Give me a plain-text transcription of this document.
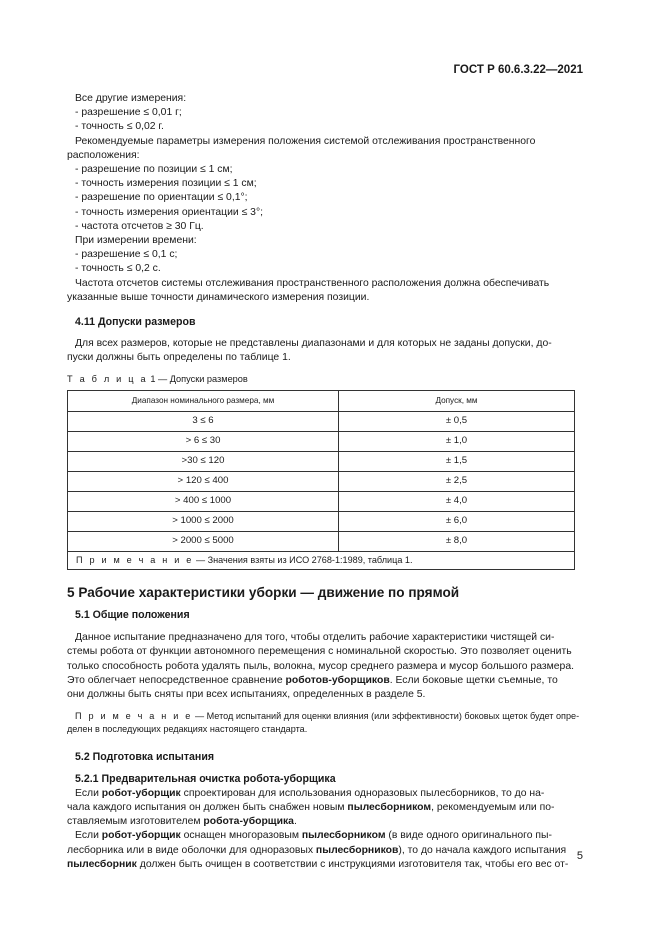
ГОСТ Р 60.6.3.22—2021

Все другие измерения:

- разрешение ≤ 0,01 г;

- точность ≤ 0,02 г.

Рекомендуемые параметры измерения положения системой отслеживания пространственного

расположения:

- разрешение по позиции ≤ 1 см;

- точность измерения позиции ≤ 1 см;

- разрешение по ориентации ≤ 0,1°;

- точность измерения ориентации ≤ 3°;

- частота отсчетов ≥ 30 Гц.

При измерении времени:

- разрешение ≤ 0,1 с;

- точность ≤ 0,2 с.

Частота отсчетов системы отслеживания пространственного расположения должна обеспечивать

указанные выше точности динамического измерения позиции.

4.11 Допуски размеров

Для всех размеров, которые не представлены диапазонами и для которых не заданы допуски, до-

пуски должны быть определены по таблице 1.

Т а б л и ц а 1 — Допуски размеров

Диапазон номинального размера, мм	Допуск, мм
3 ≤ 6	± 0,5
> 6 ≤ 30	± 1,0
>30 ≤ 120	± 1,5
> 120 ≤ 400	± 2,5
> 400 ≤ 1000	± 4,0
> 1000 ≤ 2000	± 6,0
> 2000 ≤ 5000	± 8,0
П р и м е ч а н и е — Значения взяты из ИСО 2768-1:1989, таблица 1.	

5 Рабочие характеристики уборки — движение по прямой

5.1 Общие положения

Данное испытание предназначено для того, чтобы отделить рабочие характеристики чистящей си-

стемы робота от функции автономного перемещения с номинальной скоростью. Это позволяет оценить

только способность робота удалять пыль, волокна, мусор среднего размера и мусор большого размера.

Это облегчает непосредственное сравнение роботов-уборщиков. Если боковые щетки съемные, то

они должны быть сняты при всех испытаниях, определенных в разделе 5.

П р и м е ч а н и е — Метод испытаний для оценки влияния (или эффективности) боковых щеток будет опре-

делен в последующих редакциях настоящего стандарта.

5.2 Подготовка испытания

5.2.1 Предварительная очистка робота-уборщика

Если робот-уборщик спроектирован для использования одноразовых пылесборников, то до на-

чала каждого испытания он должен быть снабжен новым пылесборником, рекомендуемым или по-

ставляемым изготовителем робота-уборщика.

Если робот-уборщик оснащен многоразовым пылесборником (в виде одного оригинального пы-

лесборника или в виде оболочки для одноразовых пылесборников), то до начала каждого испытания

пылесборник должен быть очищен в соответствии с инструкциями изготовителя так, чтобы его вес от-

5
